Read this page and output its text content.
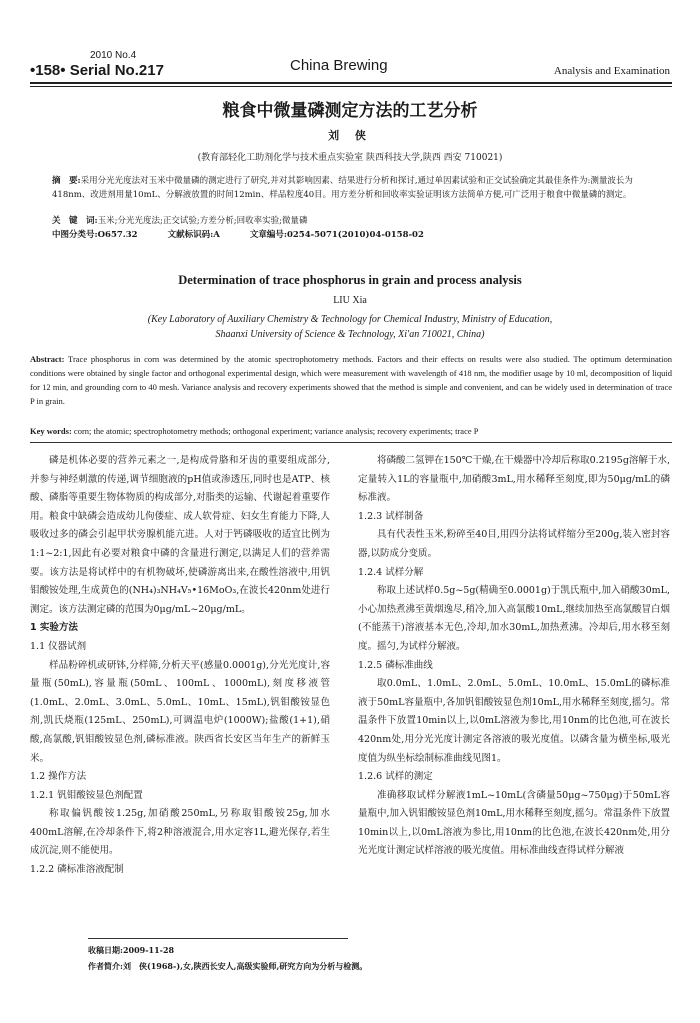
2010 No.4
•158• Serial No.217	China Brewing	Analysis and Examination
粮食中微量磷测定方法的工艺分析
刘 侠
(教育部轻化工助剂化学与技术重点实验室 陕西科技大学,陕西 西安 710021)
摘　要:采用分光光度法对玉米中微量磷的测定进行了研究,并对其影响因素、结果进行分析和探讨,通过单因素试验和正交试验确定其最佳条件为:测量波长为418nm、改进剂用量10mL、分解液放置的时间12min、样品粒度40目。用方差分析和回收率实验证明该方法简单方便,可广泛用于粮食中微量磷的测定。
关　键　词:玉米;分光光度法;正交试验;方差分析;回收率实验;微量磷
中图分类号:O657.32	文献标识码:A	文章编号:0254-5071(2010)04-0158-02
Determination of trace phosphorus in grain and process analysis
LIU Xia
(Key Laboratory of Auxiliary Chemistry & Technology for Chemical Industry, Ministry of Education,
Shaanxi University of Science & Technology, Xi'an 710021, China)
Abstract: Trace phosphorus in corn was determined by the atomic spectrophotometry methods. Factors and their effects on results were also studied. The optimum determination conditions were obtained by single factor and orthogonal experimental design, which were measurement with wavelength of 418 nm, the modifier usage by 10 ml, decomposition of liquid for 12 min, and grounding corn to 40 mesh. Variance analysis and recovery experiments showed that the method is simple and convenient, and can be widely used in determination of trace P in grain.
Key words: corn; the atomic; spectrophotometry methods; orthogonal experiment; variance analysis; recovery experiments; trace P

磷是机体必要的营养元素之一,是构成骨胳和牙齿的重要组成部分,并参与神经刺激的传递,调节细胞液的pH值或渗透压,同时也是ATP、核酸、磷脂等重要生物体物质的构成部分,对脂类的运输、代谢起着重要作用。粮食中缺磷会造成幼儿佝偻症、成人软骨症、妇女生育能力下降,人吸收过多的磷会引起甲状旁腺机能亢进。人对于钙磷吸收的适宜比例为1:1~2:1,因此有必要对粮食中磷的含量进行测定,以满足人们的营养需要。该方法是将试样中的有机物破坏,使磷游离出来,在酸性溶液中,用钒钼酸铵处理,生成黄色的(NH₄)₃NH₄V₅•16MoO₃,在波长420nm处进行测定。该方法测定磷的范围为0μg/mL~20μg/mL。

1 实验方法
1.1 仪器试剂

样品粉碎机或研钵,分样筛,分析天平(感量0.0001g),分光光度计,容量瓶(50mL),容量瓶(50mL、100mL、1000mL),刻度移液管(1.0mL、2.0mL、3.0mL、5.0mL、10mL、15mL),钒钼酸铵显色剂,凯氏烧瓶(125mL、250mL),可调温电炉(1000W);盐酸(1+1),硝酸,高氯酸,钒钼酸铵显色剂,磷标准液。陕西省长安区当年生产的新鲜玉米。

1.2 操作方法
1.2.1 钒钼酸铵显色剂配置

称取偏钒酸铵1.25g,加硝酸250mL,另称取钼酸铵25g,加水400mL溶解,在冷却条件下,将2种溶液混合,用水定容1L,避光保存,若生成沉淀,则不能使用。

1.2.2 磷标准溶液配制

将磷酸二氢钾在150℃干燥,在干燥器中冷却后称取0.2195g溶解于水,定量转入1L的容量瓶中,加硝酸3mL,用水稀释至刻度,即为50μg/mL的磷标准液。

1.2.3 试样制备

具有代表性玉米,粉碎至40目,用四分法将试样缩分至200g,装入密封容器,以防成分变质。

1.2.4 试样分解

称取上述试样0.5g~5g(精确至0.0001g)于凯氏瓶中,加入硝酸30mL,小心加热煮沸至黄烟逸尽,稍冷,加入高氯酸10mL,继续加热至高氯酸冒白烟(不能蒸干)溶液基本无色,冷却,加水30mL,加热煮沸。冷却后,用水移至刻度。摇匀,为试样分解液。

1.2.5 磷标准曲线

取0.0mL、1.0mL、2.0mL、5.0mL、10.0mL、15.0mL的磷标准液于50mL容量瓶中,各加钒钼酸铵显色剂10mL,用水稀释至刻度,摇匀。常温条件下放置10min以上,以0mL溶液为参比,用10nm的比色池,可在波长420nm处,用分光光度计测定各溶液的吸光度值。以磷含量为横坐标,吸光度值为纵坐标绘制标准曲线见图1。

1.2.6 试样的测定

准确移取试样分解液1mL~10mL(含磷量50μg~750μg)于50mL容量瓶中,加入钒钼酸铵显色剂10mL,用水稀释至刻度,摇匀。常温条件下放置10min以上,以0mL溶液为参比,用10nm的比色池,在波长420nm处,用分光光度计测定试样溶液的吸光度值。用标准曲线查得试样分解液

收稿日期:2009-11-28
作者简介:刘　侠(1968-),女,陕西长安人,高级实验师,研究方向为分析与检测。
